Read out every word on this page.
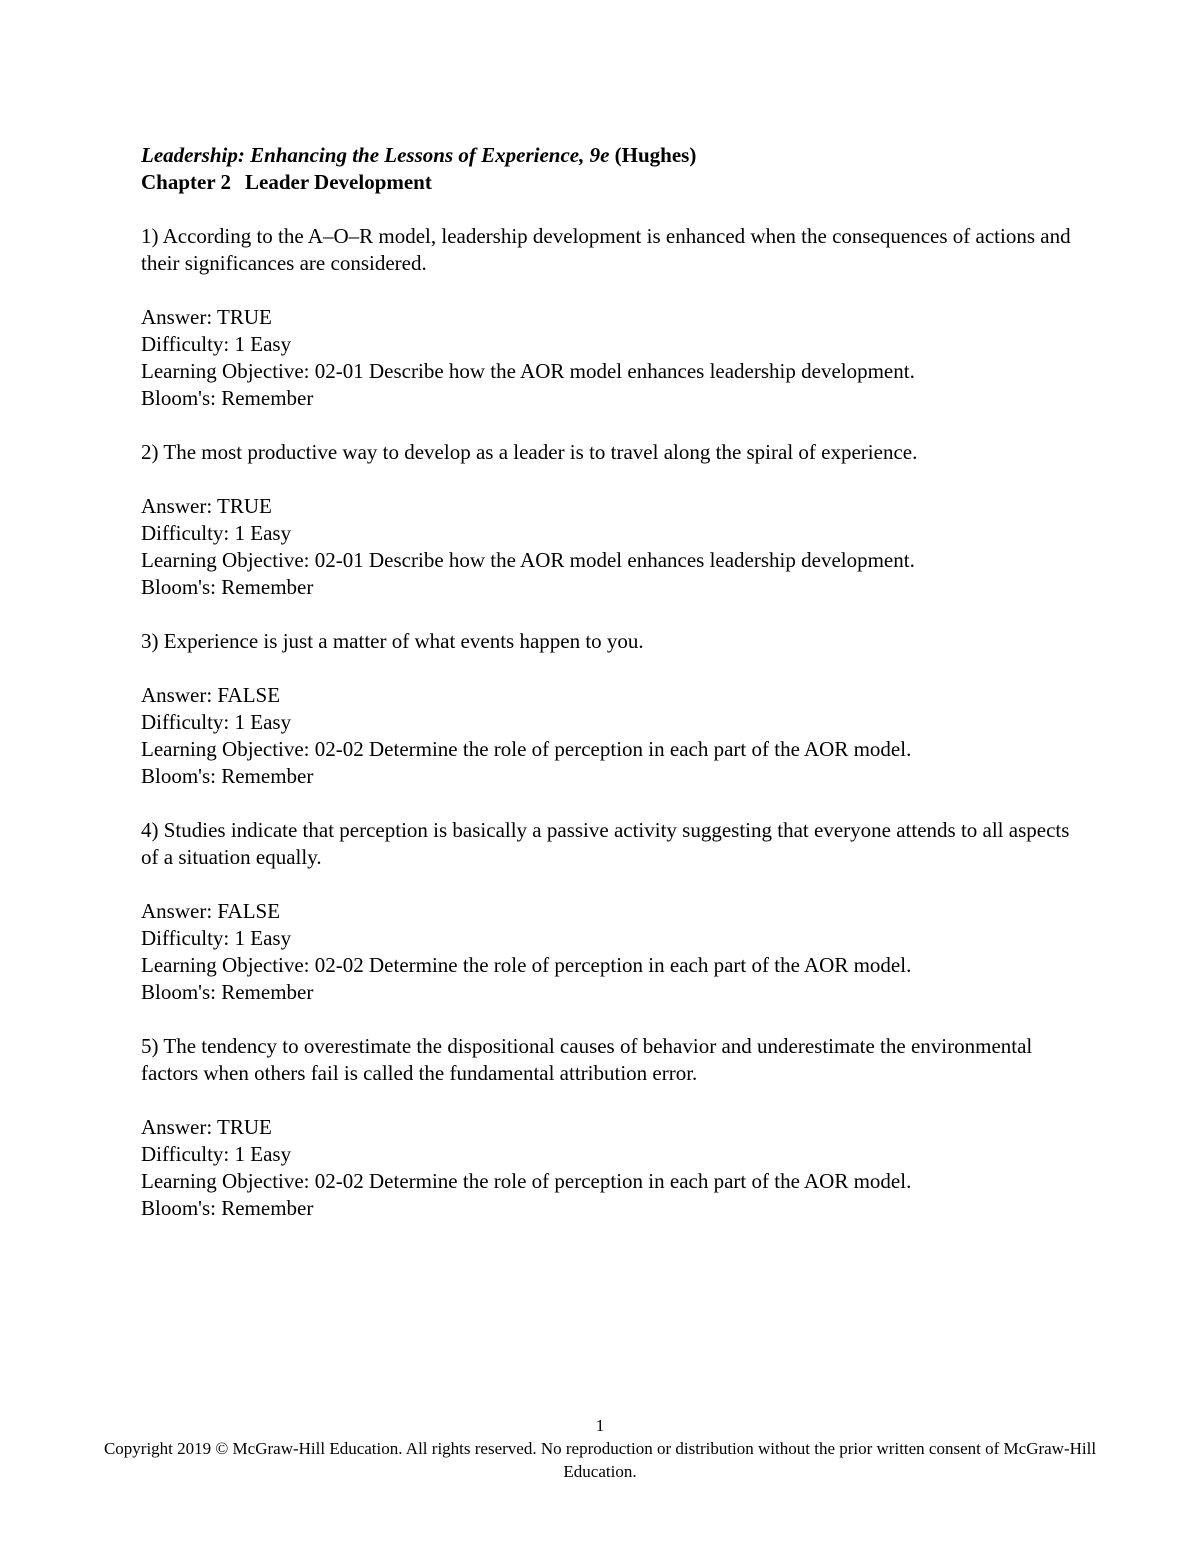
Leadership: Enhancing the Lessons of Experience, 9e (Hughes)

Chapter 2 Leader Development

1) According to the A–O–R model, leadership development is enhanced when the consequences of actions and their significances are considered.

Answer: TRUE

Difficulty: 1 Easy

Learning Objective: 02-01 Describe how the AOR model enhances leadership development.

Bloom's: Remember

2) The most productive way to develop as a leader is to travel along the spiral of experience.

Answer: TRUE

Difficulty: 1 Easy

Learning Objective: 02-01 Describe how the AOR model enhances leadership development.

Bloom's: Remember

3) Experience is just a matter of what events happen to you.

Answer: FALSE

Difficulty: 1 Easy

Learning Objective: 02-02 Determine the role of perception in each part of the AOR model.

Bloom's: Remember

4) Studies indicate that perception is basically a passive activity suggesting that everyone attends to all aspects of a situation equally.

Answer: FALSE

Difficulty: 1 Easy

Learning Objective: 02-02 Determine the role of perception in each part of the AOR model.

Bloom's: Remember

5) The tendency to overestimate the dispositional causes of behavior and underestimate the environmental factors when others fail is called the fundamental attribution error.

Answer: TRUE

Difficulty: 1 Easy

Learning Objective: 02-02 Determine the role of perception in each part of the AOR model.

Bloom's: Remember

1

Copyright 2019 © McGraw-Hill Education. All rights reserved. No reproduction or distribution without the prior written consent of McGraw-Hill Education.
